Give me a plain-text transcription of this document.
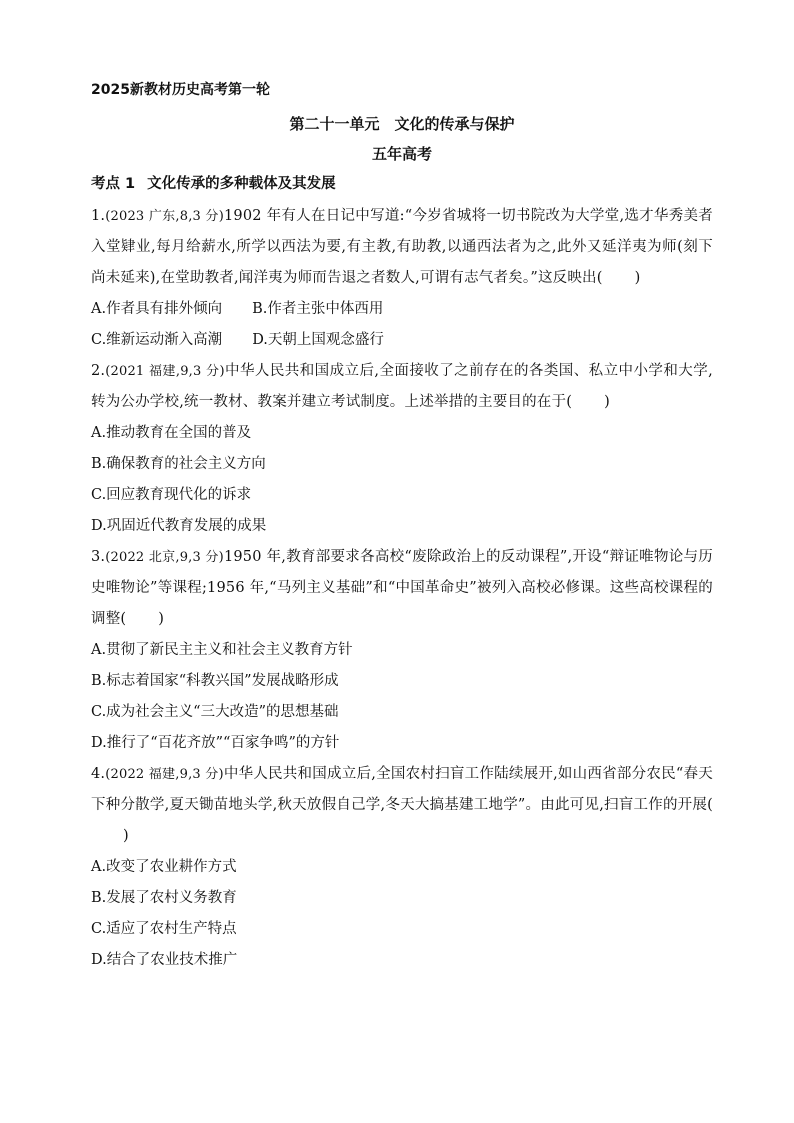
2025新教材历史高考第一轮
第二十一单元　文化的传承与保护
五年高考
考点 1 文化传承的多种载体及其发展
1.(2023 广东,8,3 分)1902 年有人在日记中写道:“今岁省城将一切书院改为大学堂,选才华秀美者入堂肄业,每月给薪水,所学以西法为要,有主教,有助教,以通西法者为之,此外又延洋夷为师(刻下尚未延来),在堂助教者,闻洋夷为师而告退之者数人,可谓有志气者矣。”这反映出( )
A.作者具有排外倾向 B.作者主张中体西用
C.维新运动渐入高潮 D.天朝上国观念盛行
2.(2021 福建,9,3 分)中华人民共和国成立后,全面接收了之前存在的各类国、私立中小学和大学,转为公办学校,统一教材、教案并建立考试制度。上述举措的主要目的在于( )
A.推动教育在全国的普及
B.确保教育的社会主义方向
C.回应教育现代化的诉求
D.巩固近代教育发展的成果
3.(2022 北京,9,3 分)1950 年,教育部要求各高校“废除政治上的反动课程”,开设“辩证唯物论与历史唯物论”等课程;1956 年,“马列主义基础”和“中国革命史”被列入高校必修课。这些高校课程的调整( )
A.贯彻了新民主主义和社会主义教育方针
B.标志着国家“科教兴国”发展战略形成
C.成为社会主义“三大改造”的思想基础
D.推行了“百花齐放”“百家争鸣”的方针
4.(2022 福建,9,3 分)中华人民共和国成立后,全国农村扫盲工作陆续展开,如山西省部分农民“春天下种分散学,夏天锄苗地头学,秋天放假自己学,冬天大搞基建工地学”。由此可见,扫盲工作的开展()
A.改变了农业耕作方式
B.发展了农村义务教育
C.适应了农村生产特点
D.结合了农业技术推广
